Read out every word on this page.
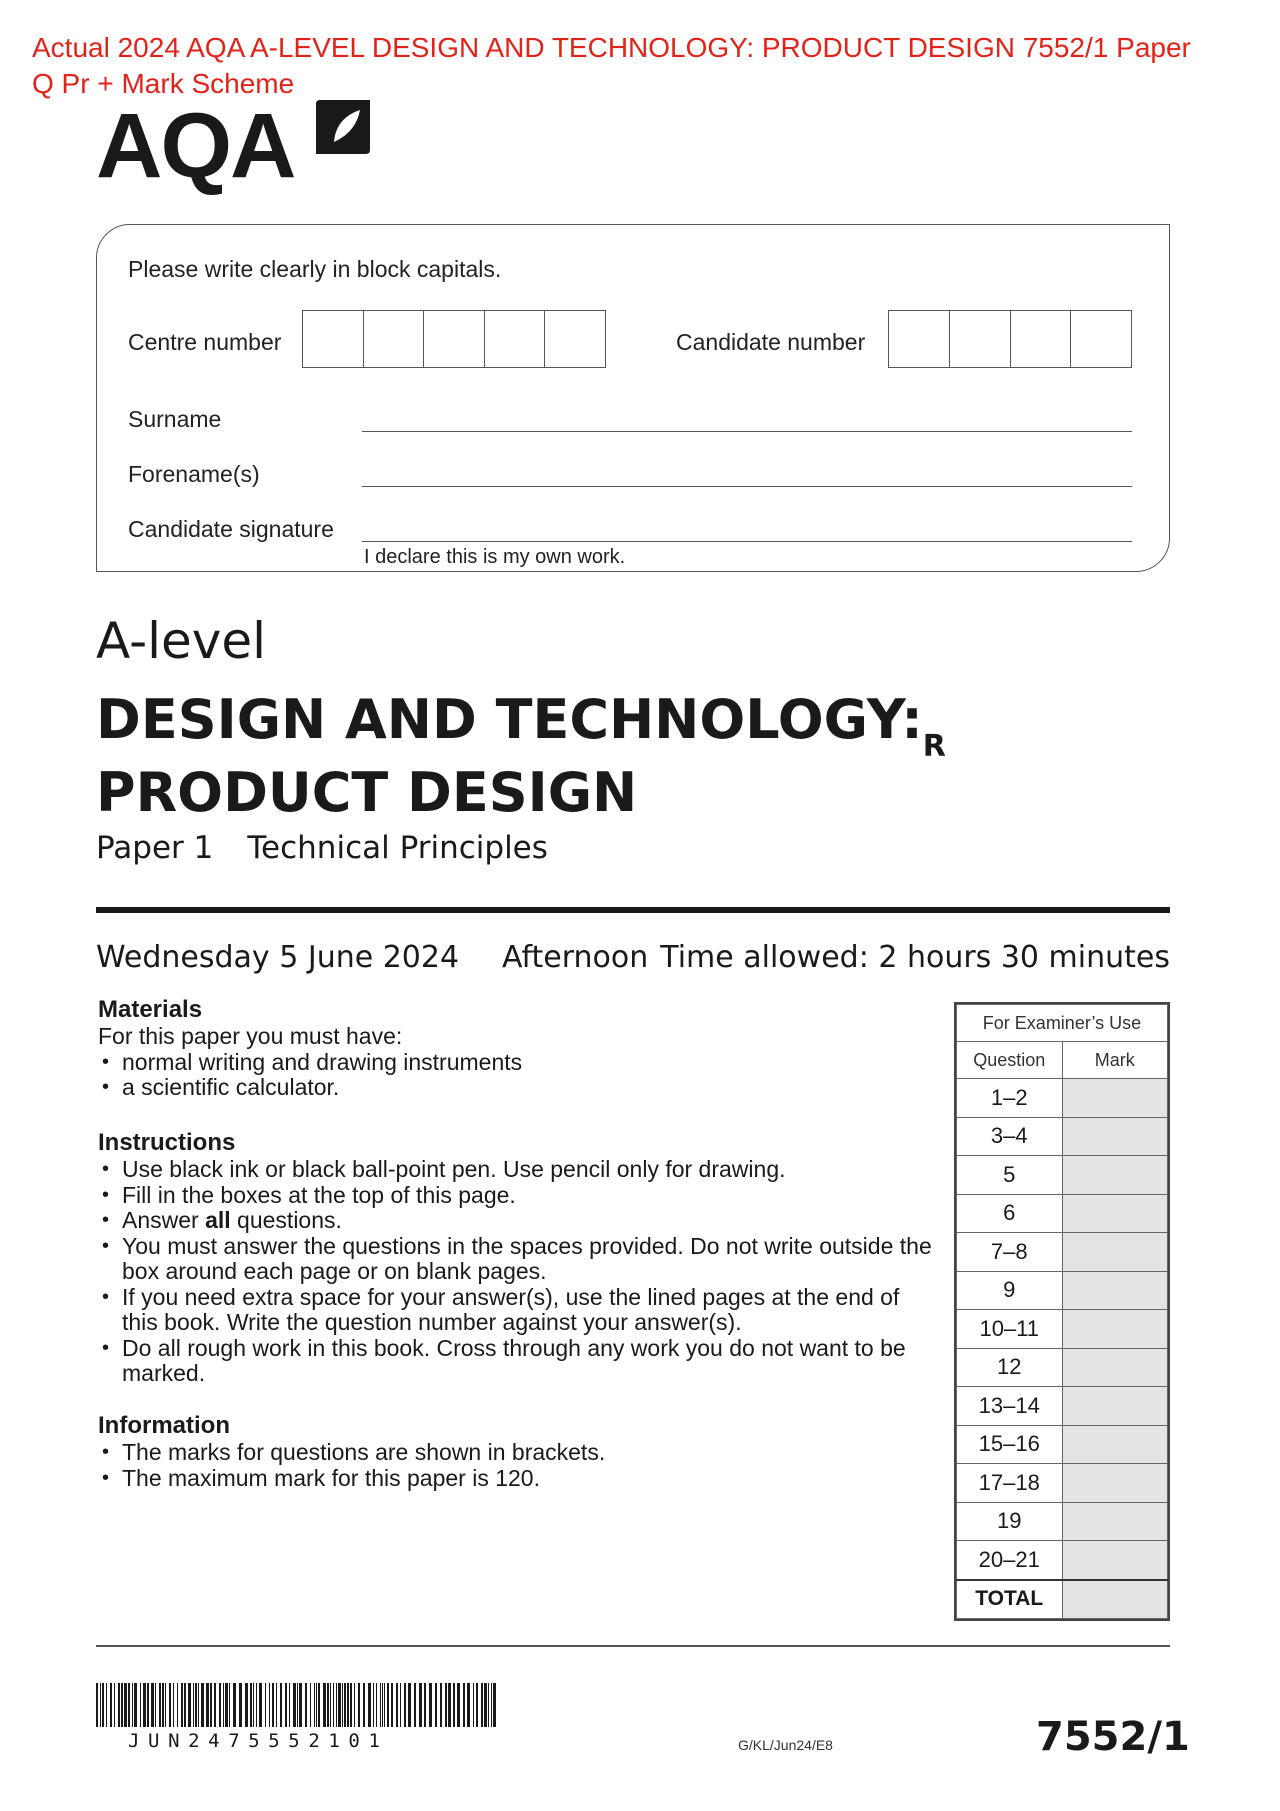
Actual 2024 AQA A-LEVEL DESIGN AND TECHNOLOGY: PRODUCT DESIGN 7552/1 Paper
Q Pr + Mark Scheme
AQA
Please write clearly in block capitals.
Centre number	Candidate number
Surname
Forename(s)
Candidate signature
I declare this is my own work.
A-level
DESIGN AND $TECHNOLOGY:_R$
PRODUCT DESIGN
Paper 1 Technical Principles
Wednesday 5 June 2024 Afternoon Time allowed: 2 hours 30 minutes
Materials
For this paper you must have:
• normal writing and drawing instruments
• a scientific calculator.
Instructions
• Use black ink or black ball-point pen. Use pencil only for drawing.
• Fill in the boxes at the top of this page.
• Answer all questions.
• You must answer the questions in the spaces provided. Do not write outside the box around each page or on blank pages.
• If you need extra space for your answer(s), use the lined pages at the end of this book. Write the question number against your answer(s).
• Do all rough work in this book. Cross through any work you do not want to be marked.
Information
• The marks for questions are shown in brackets.
• The maximum mark for this paper is 120.
For Examiner’s Use	
Question	Mark
1–2	
3–4	
5	
6	
7–8	
9	
10–11	
12	
13–14	
15–16	
17–18	
19	
20–21	
TOTAL	
JUN2475552101	G/KL/Jun24/E8	7552/1
